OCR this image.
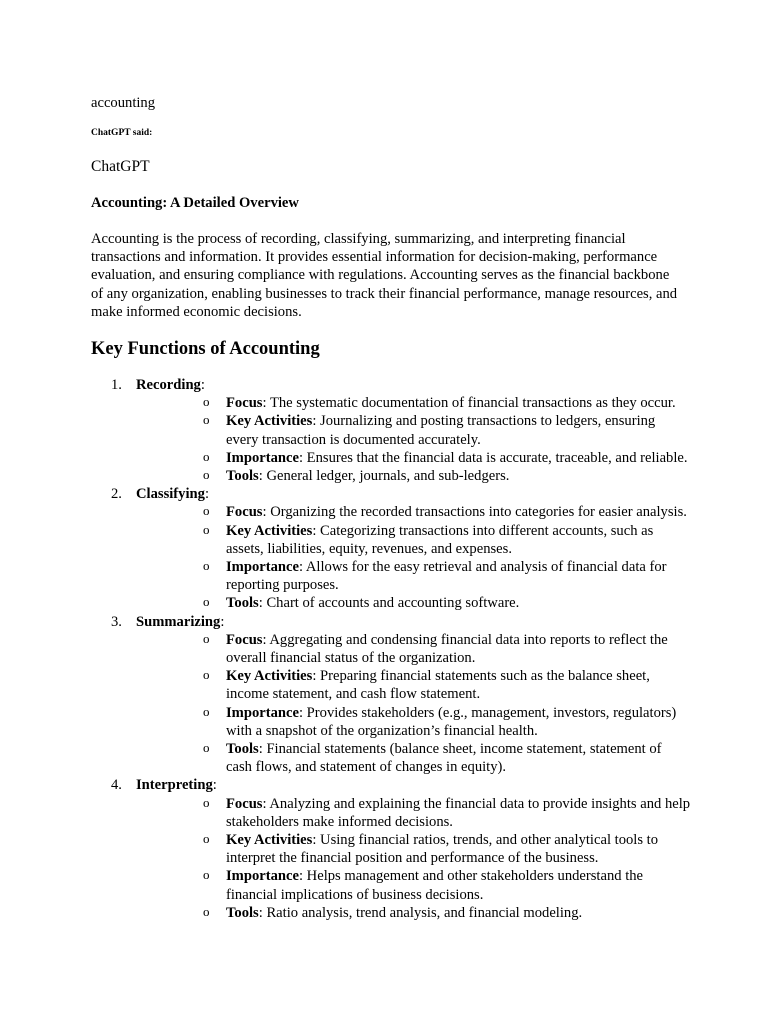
accounting
ChatGPT said:
ChatGPT
Accounting: A Detailed Overview
Accounting is the process of recording, classifying, summarizing, and interpreting financial transactions and information. It provides essential information for decision-making, performance evaluation, and ensuring compliance with regulations. Accounting serves as the financial backbone of any organization, enabling businesses to track their financial performance, manage resources, and make informed economic decisions.
Key Functions of Accounting
1. Recording:
o Focus: The systematic documentation of financial transactions as they occur.
o Key Activities: Journalizing and posting transactions to ledgers, ensuring every transaction is documented accurately.
o Importance: Ensures that the financial data is accurate, traceable, and reliable.
o Tools: General ledger, journals, and sub-ledgers.
2. Classifying:
o Focus: Organizing the recorded transactions into categories for easier analysis.
o Key Activities: Categorizing transactions into different accounts, such as assets, liabilities, equity, revenues, and expenses.
o Importance: Allows for the easy retrieval and analysis of financial data for reporting purposes.
o Tools: Chart of accounts and accounting software.
3. Summarizing:
o Focus: Aggregating and condensing financial data into reports to reflect the overall financial status of the organization.
o Key Activities: Preparing financial statements such as the balance sheet, income statement, and cash flow statement.
o Importance: Provides stakeholders (e.g., management, investors, regulators) with a snapshot of the organization’s financial health.
o Tools: Financial statements (balance sheet, income statement, statement of cash flows, and statement of changes in equity).
4. Interpreting:
o Focus: Analyzing and explaining the financial data to provide insights and help stakeholders make informed decisions.
o Key Activities: Using financial ratios, trends, and other analytical tools to interpret the financial position and performance of the business.
o Importance: Helps management and other stakeholders understand the financial implications of business decisions.
o Tools: Ratio analysis, trend analysis, and financial modeling.
